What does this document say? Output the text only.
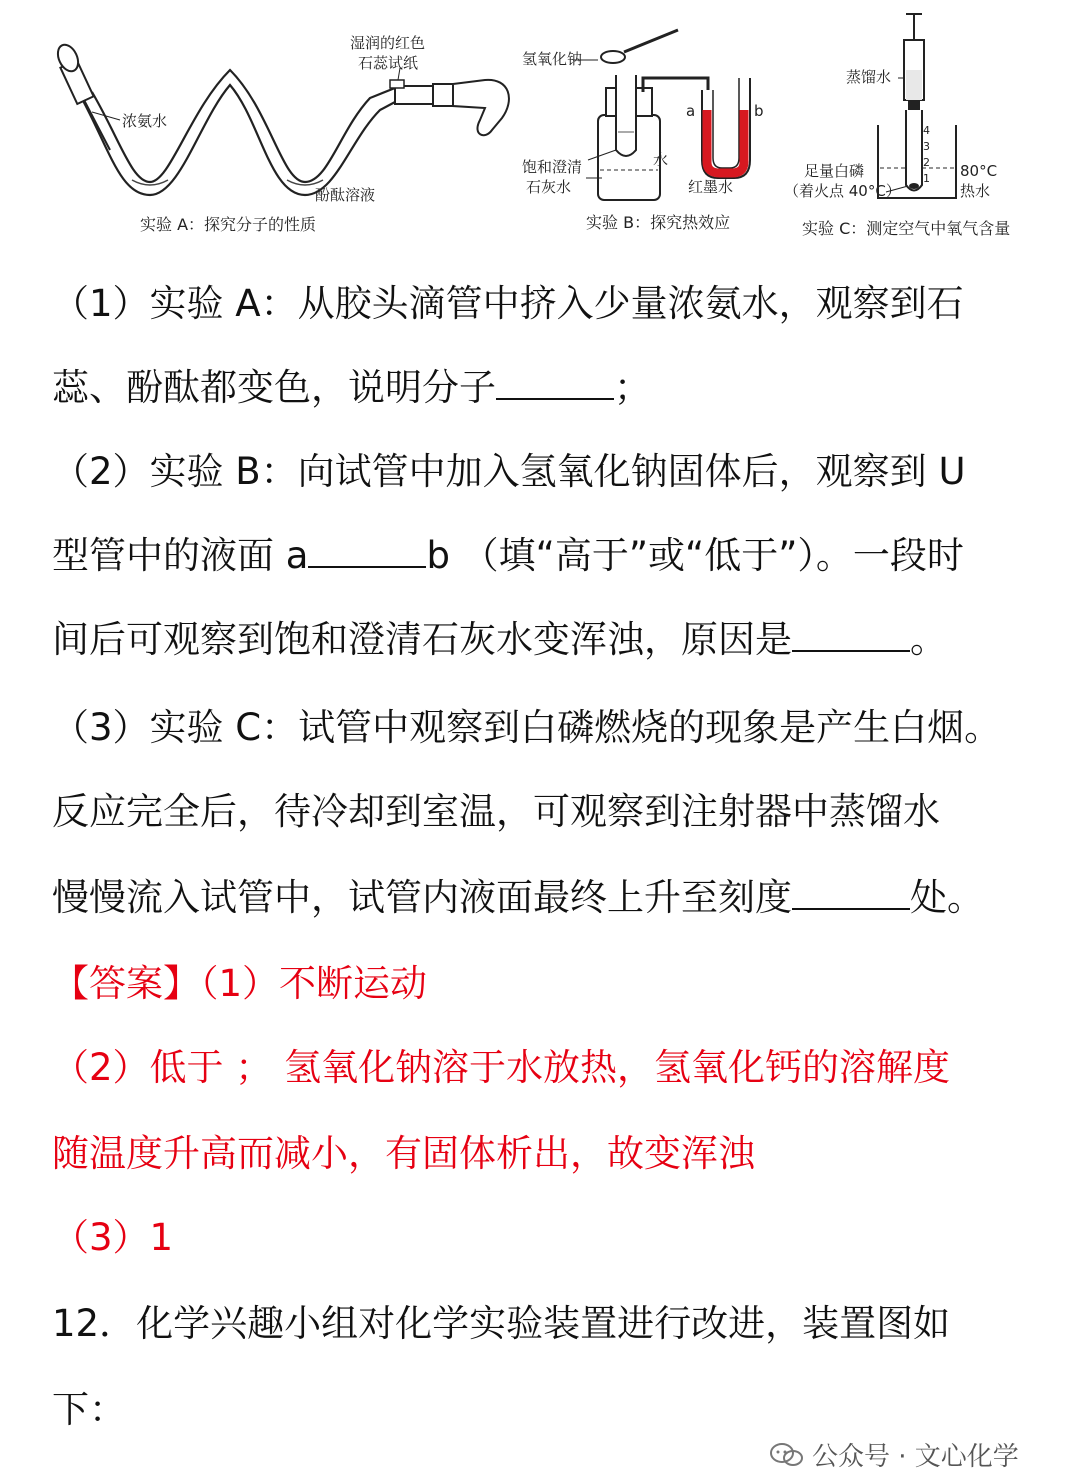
浓氨水
酚酞溶液
湿润的红色
石蕊试纸
实验 A：探究分子的性质
氢氧化钠
水
饱和澄清
石灰水	红墨水
a	b
实验 B：探究热效应
4
3
2
1
蒸馏水
足量白磷
（着火点 40°C）
80°C
热水
实验 C：测定空气中氧气含量
（1）实验 A：从胶头滴管中挤入少量浓氨水，观察到石
蕊、酚酞都变色，说明分子	；
（2）实验 B：向试管中加入氢氧化钠固体后，观察到 U
型管中的液面 a	b （填“高于”或“低于”）。一段时
间后可观察到饱和澄清石灰水变浑浊，原因是	。
（3）实验 C：试管中观察到白磷燃烧的现象是产生白烟。
反应完全后，待冷却到室温，可观察到注射器中蒸馏水
慢慢流入试管中，试管内液面最终上升至刻度	处。
【答案】（1）不断运动
（2）低于 ； 氢氧化钠溶于水放热，氢氧化钙的溶解度
随温度升高而减小，有固体析出，故变浑浊
（3）1
12．化学兴趣小组对化学实验装置进行改进，装置图如
下：
公众号 · 文心化学
